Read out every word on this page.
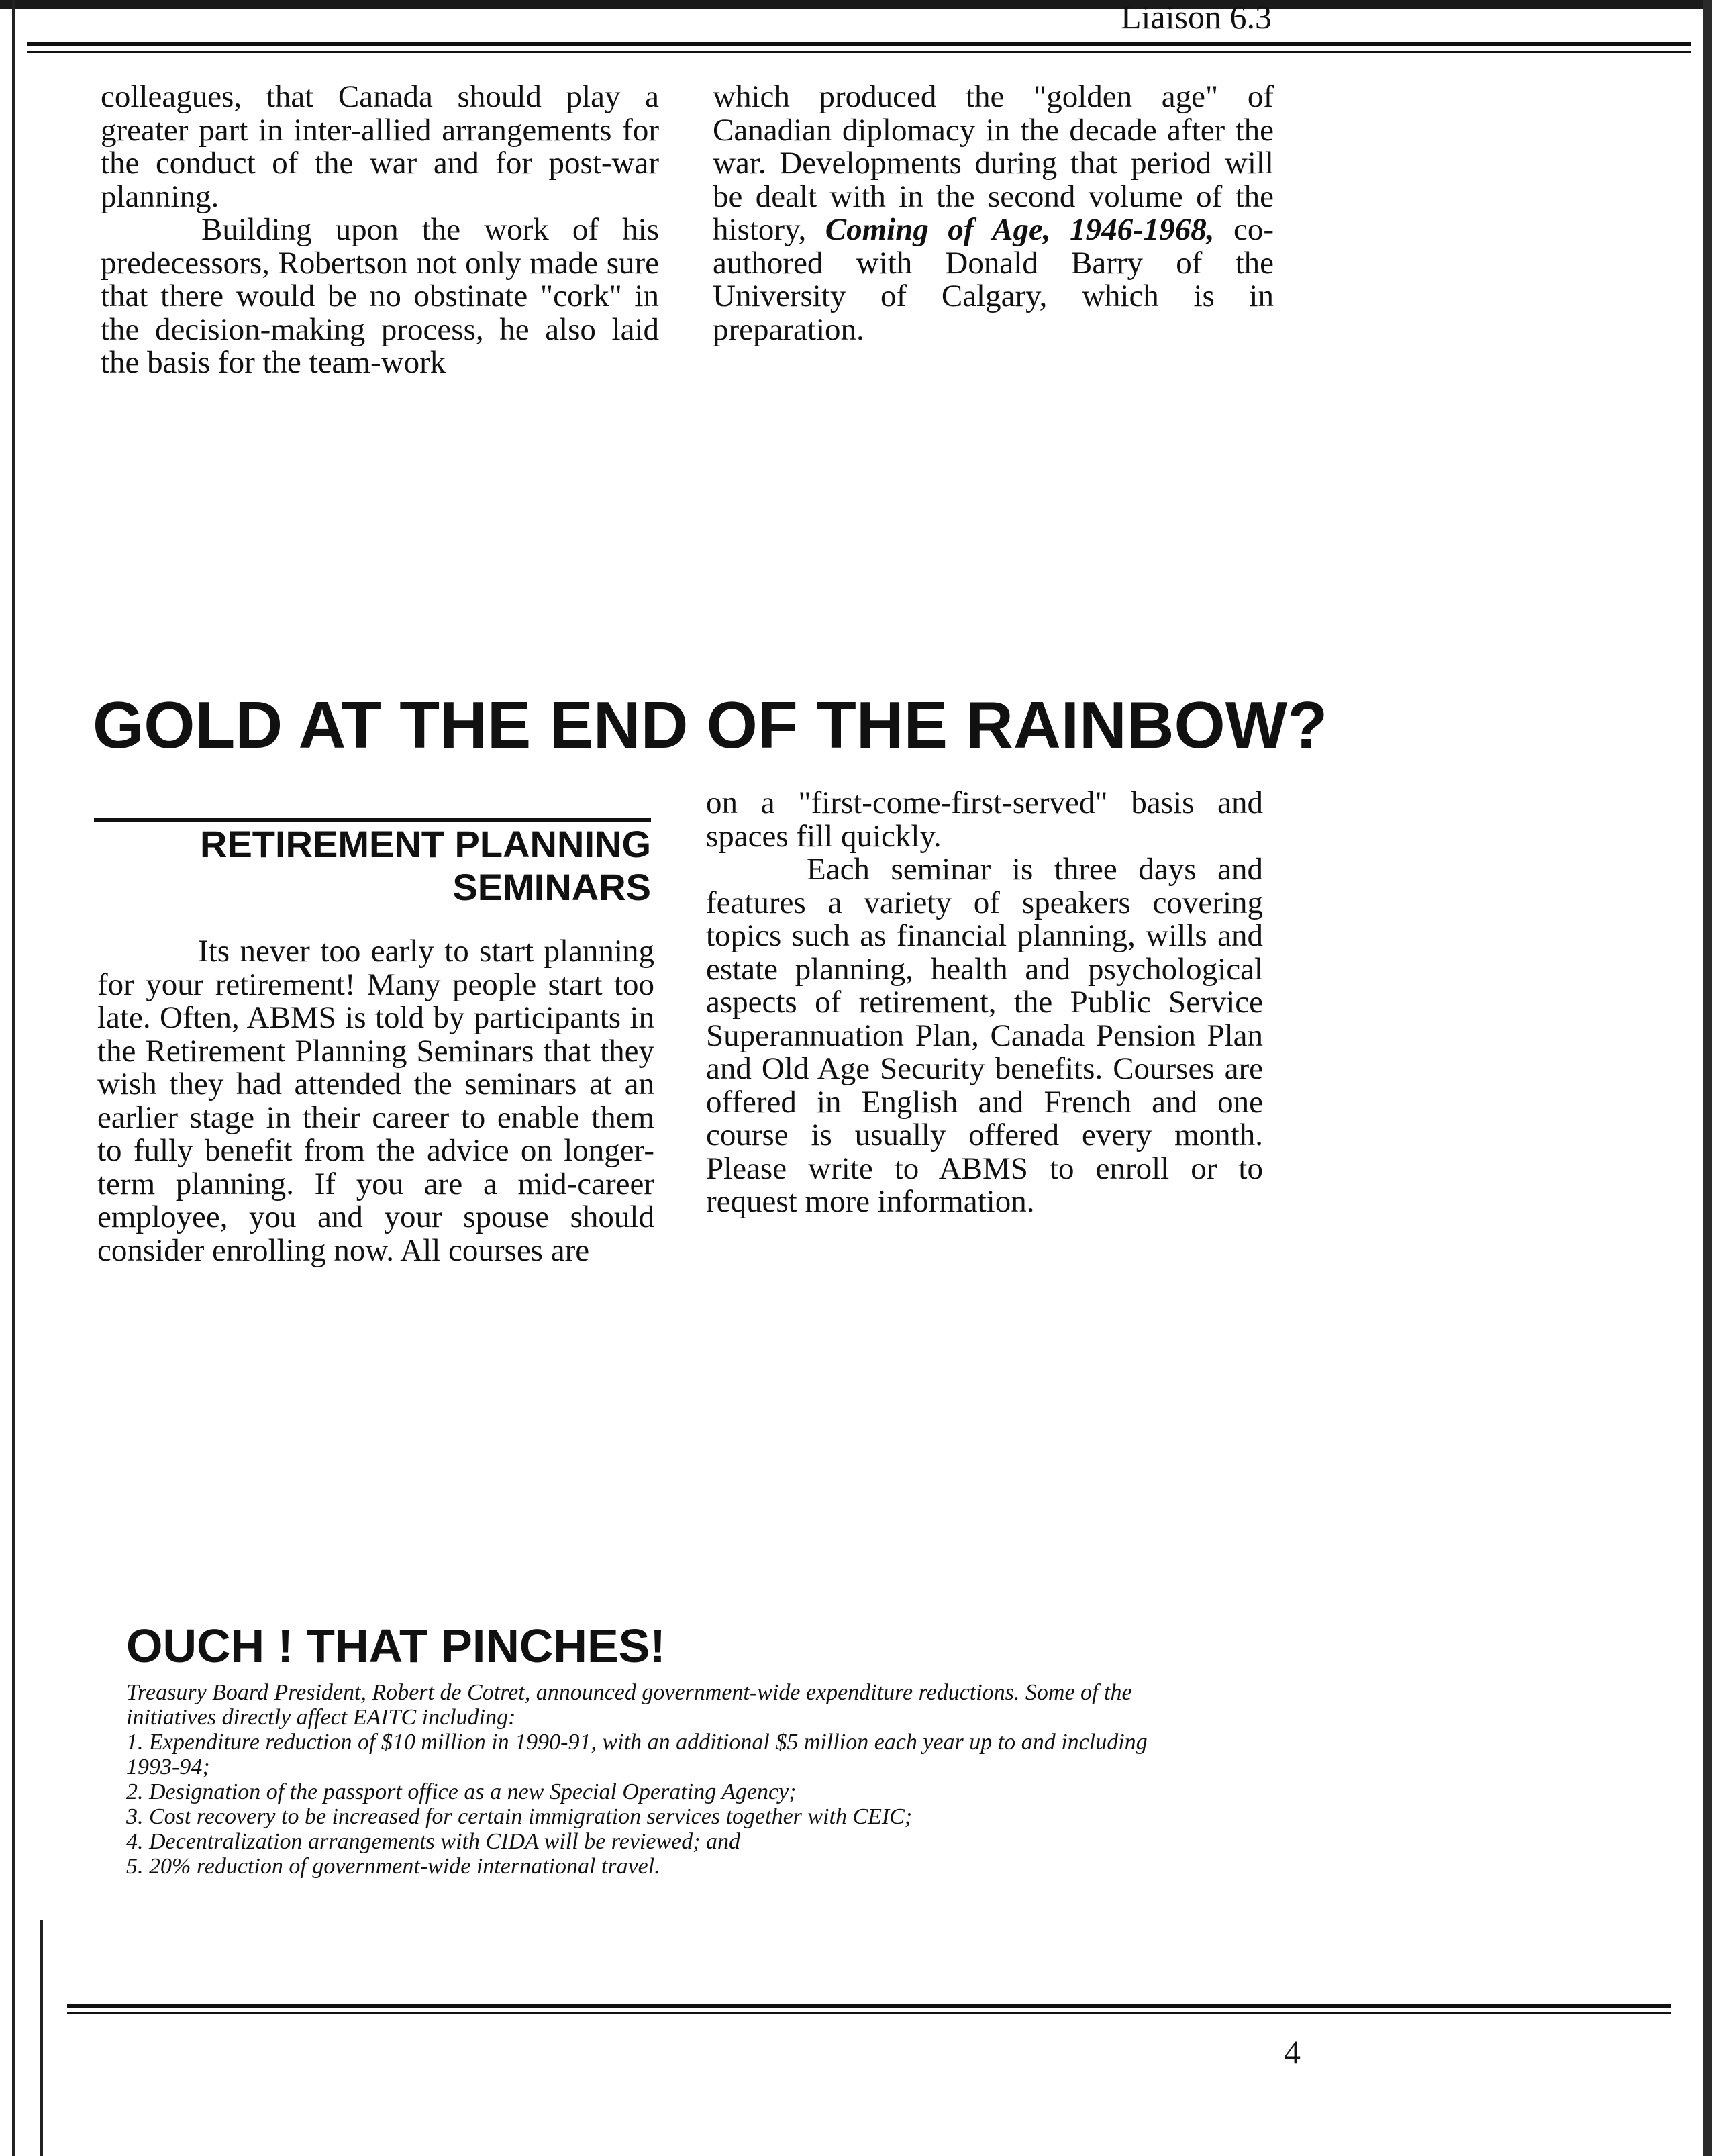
Liaison 6.3

colleagues, that Canada should play a greater part in inter-allied arrangements for the conduct of the war and for post-war planning.

Building upon the work of his predecessors, Robertson not only made sure that there would be no obstinate "cork" in the decision-making process, he also laid the basis for the team-work

which produced the "golden age" of Canadian diplomacy in the decade after the war. Developments during that period will be dealt with in the second volume of the history, Coming of Age, 1946-1968, co-authored with Donald Barry of the University of Calgary, which is in preparation.

GOLD AT THE END OF THE RAINBOW?
RETIREMENT PLANNING
SEMINARS

Its never too early to start planning for your retirement! Many people start too late. Often, ABMS is told by participants in the Retirement Planning Seminars that they wish they had attended the seminars at an earlier stage in their career to enable them to fully benefit from the advice on longer-term planning. If you are a mid-career employee, you and your spouse should consider enrolling now. All courses are

on a "first-come-first-served" basis and spaces fill quickly.

Each seminar is three days and features a variety of speakers covering topics such as financial planning, wills and estate planning, health and psychological aspects of retirement, the Public Service Superannuation Plan, Canada Pension Plan and Old Age Security benefits. Courses are offered in English and French and one course is usually offered every month. Please write to ABMS to enroll or to request more information.

OUCH ! THAT PINCHES!

Treasury Board President, Robert de Cotret, announced government-wide expenditure reductions. Some of the

initiatives directly affect EAITC including:

1. Expenditure reduction of $10 million in 1990-91, with an additional $5 million each year up to and including

1993-94;

2. Designation of the passport office as a new Special Operating Agency;

3. Cost recovery to be increased for certain immigration services together with CEIC;

4. Decentralization arrangements with CIDA will be reviewed; and

5. 20% reduction of government-wide international travel.

4
